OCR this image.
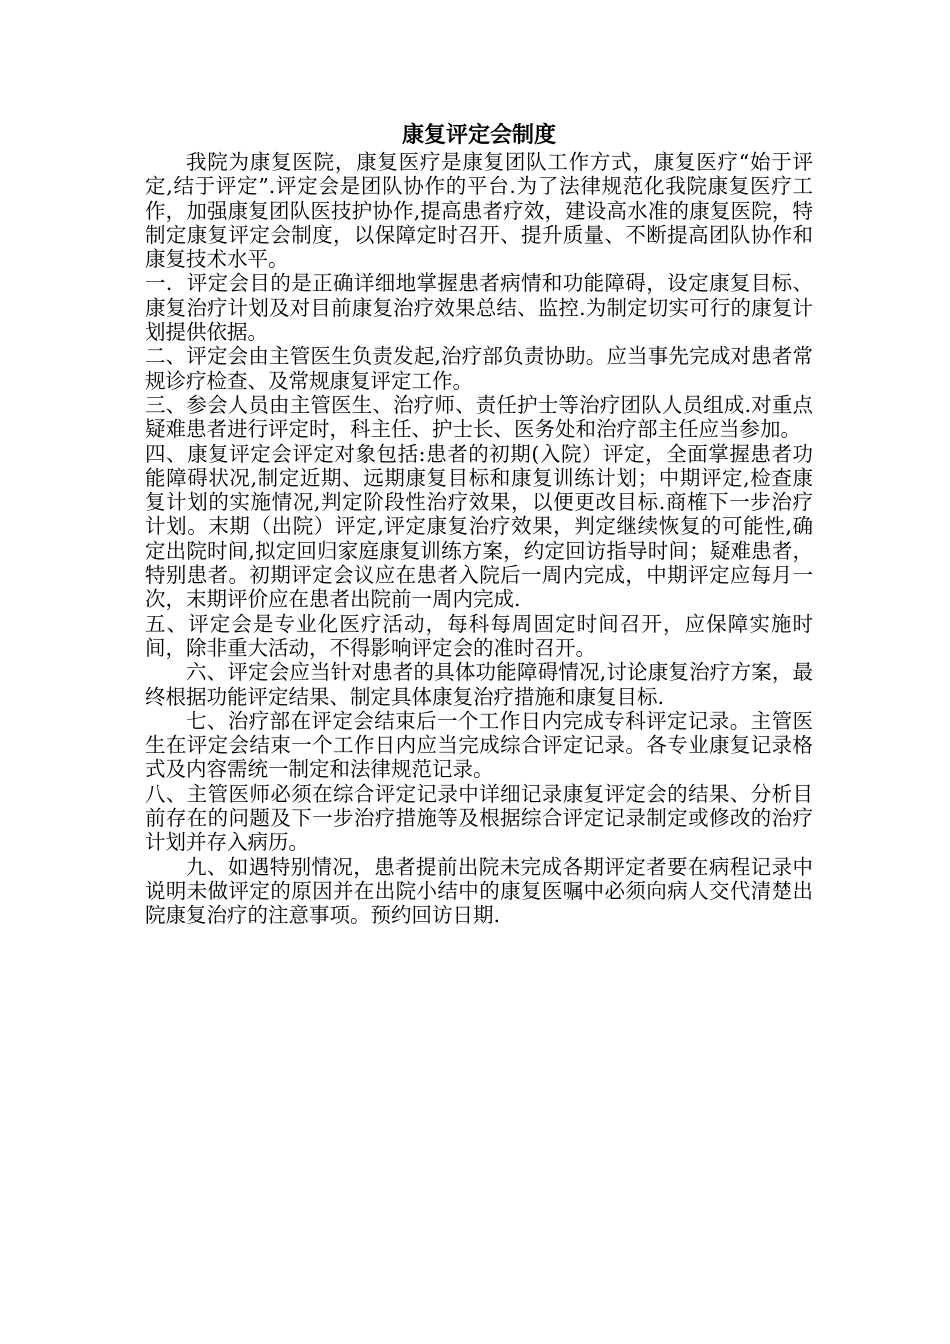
康复评定会制度

我院为康复医院，康复医疗是康复团队工作方式，康复医疗“始于评定,结于评定”.评定会是团队协作的平台.为了法律规范化我院康复医疗工作，加强康复团队医技护协作,提高患者疗效，建设高水准的康复医院，特制定康复评定会制度，以保障定时召开、提升质量、不断提高团队协作和康复技术水平。

一．评定会目的是正确详细地掌握患者病情和功能障碍，设定康复目标、康复治疗计划及对目前康复治疗效果总结、监控.为制定切实可行的康复计划提供依据。

二、评定会由主管医生负责发起,治疗部负责协助。应当事先完成对患者常规诊疗检查、及常规康复评定工作。

三、参会人员由主管医生、治疗师、责任护士等治疗团队人员组成.对重点疑难患者进行评定时，科主任、护士长、医务处和治疗部主任应当参加。

四、康复评定会评定对象包括:患者的初期(入院）评定，全面掌握患者功能障碍状况,制定近期、远期康复目标和康复训练计划；中期评定,检查康复计划的实施情况,判定阶段性治疗效果，以便更改目标.商榷下一步治疗计划。末期（出院）评定,评定康复治疗效果，判定继续恢复的可能性,确定出院时间,拟定回归家庭康复训练方案，约定回访指导时间；疑难患者，特别患者。初期评定会议应在患者入院后一周内完成，中期评定应每月一次，末期评价应在患者出院前一周内完成.

五、评定会是专业化医疗活动，每科每周固定时间召开，应保障实施时间，除非重大活动，不得影响评定会的准时召开。

六、评定会应当针对患者的具体功能障碍情况,讨论康复治疗方案，最终根据功能评定结果、制定具体康复治疗措施和康复目标.

七、治疗部在评定会结束后一个工作日内完成专科评定记录。主管医生在评定会结束一个工作日内应当完成综合评定记录。各专业康复记录格式及内容需统一制定和法律规范记录。

八、主管医师必须在综合评定记录中详细记录康复评定会的结果、分析目前存在的问题及下一步治疗措施等及根据综合评定记录制定或修改的治疗计划并存入病历。

九、如遇特别情况，患者提前出院未完成各期评定者要在病程记录中说明未做评定的原因并在出院小结中的康复医嘱中必须向病人交代清楚出院康复治疗的注意事项。预约回访日期.
